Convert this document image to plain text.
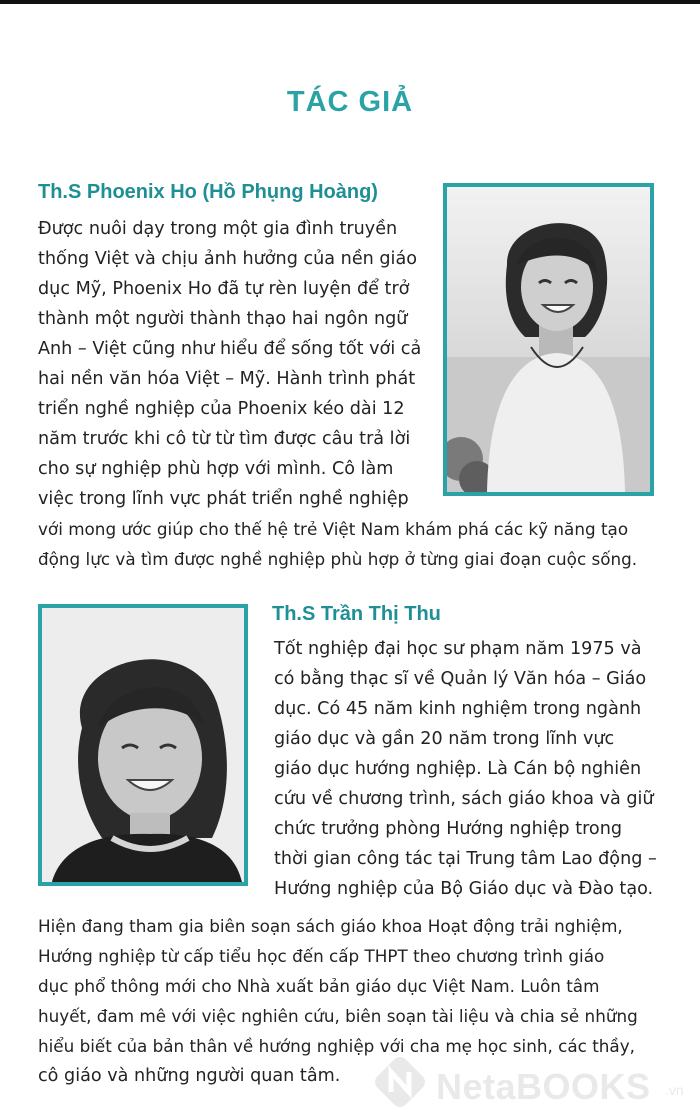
TÁC GIẢ
Th.S Phoenix Ho (Hồ Phụng Hoàng)
Được nuôi dạy trong một gia đình truyền
thống Việt và chịu ảnh hưởng của nền giáo
dục Mỹ, Phoenix Ho đã tự rèn luyện để trở
thành một người thành thạo hai ngôn ngữ
Anh – Việt cũng như hiểu để sống tốt với cả
hai nền văn hóa Việt – Mỹ. Hành trình phát
triển nghề nghiệp của Phoenix kéo dài 12
năm trước khi cô từ từ tìm được câu trả lời
cho sự nghiệp phù hợp với mình. Cô làm
việc trong lĩnh vực phát triển nghề nghiệp
với mong ước giúp cho thế hệ trẻ Việt Nam khám phá các kỹ năng tạo
động lực và tìm được nghề nghiệp phù hợp ở từng giai đoạn cuộc sống.
Th.S Trần Thị Thu
Tốt nghiệp đại học sư phạm năm 1975 và
có bằng thạc sĩ về Quản lý Văn hóa – Giáo
dục. Có 45 năm kinh nghiệm trong ngành
giáo dục và gần 20 năm trong lĩnh vực
giáo dục hướng nghiệp. Là Cán bộ nghiên
cứu về chương trình, sách giáo khoa và giữ
chức trưởng phòng Hướng nghiệp trong
thời gian công tác tại Trung tâm Lao động –
Hướng nghiệp của Bộ Giáo dục và Đào tạo.
Hiện đang tham gia biên soạn sách giáo khoa Hoạt động trải nghiệm,
Hướng nghiệp từ cấp tiểu học đến cấp THPT theo chương trình giáo
dục phổ thông mới cho Nhà xuất bản giáo dục Việt Nam. Luôn tâm
huyết, đam mê với việc nghiên cứu, biên soạn tài liệu và chia sẻ những
hiểu biết của bản thân về hướng nghiệp với cha mẹ học sinh, các thầy,
cô giáo và những người quan tâm.	NetaBOOKS .vn
